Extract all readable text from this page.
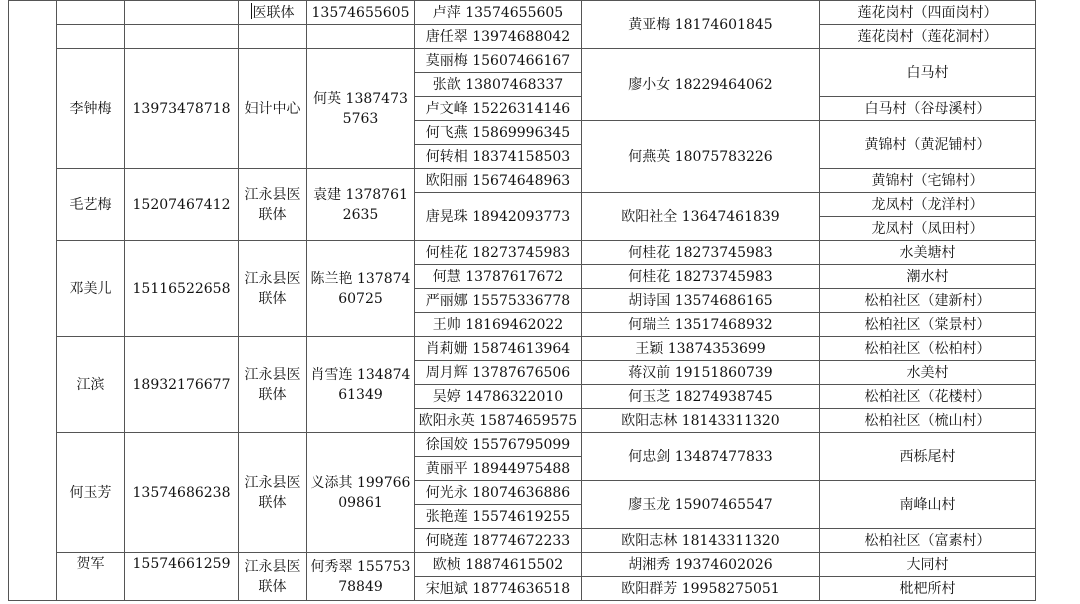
			医联体	13574655605	卢萍 13574655605	黄亚梅 18174601845	莲花岗村（四面岗村）
					唐任翠 13974688042		莲花岗村（莲花洞村）
	李钟梅	13973478718	妇计中心	何英 13874735763	莫丽梅 15607466167	廖小女 18229464062	白马村
					张歆 13807468337		
					卢文峰 15226314146		白马村（谷母溪村）
					何飞燕 15869996345	何燕英 18075783226	黄锦村（黄泥铺村）
					何转相 18374158503		
	毛艺梅	15207467412	江永县医联体	袁建 13787612635	欧阳丽 15674648963		黄锦村（宅锦村）
					唐晃珠 18942093773	欧阳社全 13647461839	龙凤村（龙洋村）
							龙凤村（凤田村）
	邓美儿	15116522658	江永县医联体	陈兰艳 13787460725	何桂花 18273745983	何桂花 18273745983	水美塘村
					何慧 13787617672	何桂花 18273745983	潮水村
					严丽娜 15575336778	胡诗国 13574686165	松柏社区（建新村）
					王帅 18169462022	何瑞兰 13517468932	松柏社区（棠景村）
	江滨	18932176677	江永县医联体	肖雪连 13487461349	肖莉姗 15874613964	王颖 13874353699	松柏社区（松柏村）
					周月辉 13787676506	蒋汉前 19151860739	水美村
					吴婷 14786322010	何玉芝 18274938745	松柏社区（花楼村）
					欧阳永英 15874659575	欧阳志林 18143311320	松柏社区（梳山村）
	何玉芳	13574686238	江永县医联体	义添其 19976609861	徐国姣 15576795099	何忠剑 13487477833	西栎尾村
					黄丽平 18944975488		
					何光永 18074636886	廖玉龙 15907465547	南峰山村
					张艳莲 15574619255		
					何晓莲 18774672233	欧阳志林 18143311320	松柏社区（富素村）
	贺军	15574661259	江永县医联体	何秀翠 15575378849	欧桢 18874615502	胡湘秀 19374602026	大同村
					宋旭斌 18774636518	欧阳群芳 19958275051	枇杷所村
